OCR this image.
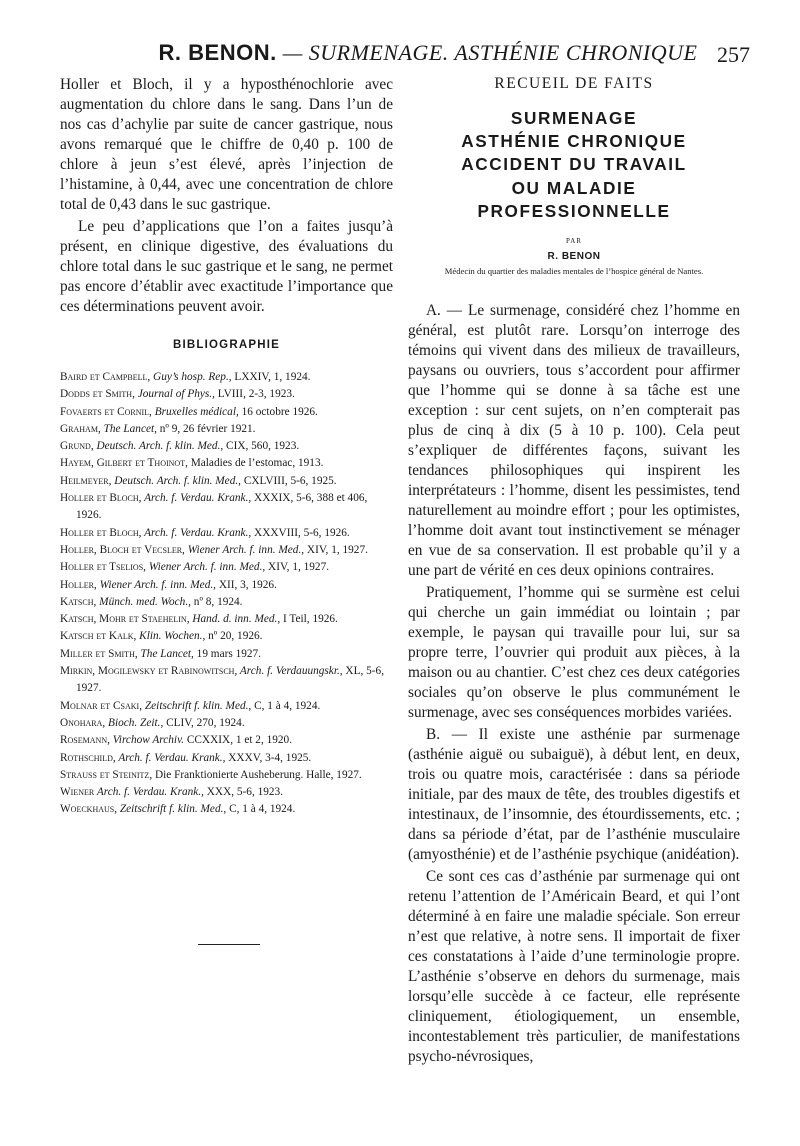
R. BENON. — SURMENAGE. ASTHÉNIE CHRONIQUE 257

Holler et Bloch, il y a hyposthénochlorie avec augmentation du chlore dans le sang. Dans l’un de nos cas d’achylie par suite de cancer gastrique, nous avons remarqué que le chiffre de 0,40 p. 100 de chlore à jeun s’est élevé, après l’injection de l’histamine, à 0,44, avec une concentration de chlore total de 0,43 dans le suc gastrique.

Le peu d’applications que l’on a faites jusqu’à présent, en clinique digestive, des évaluations du chlore total dans le suc gastrique et le sang, ne permet pas encore d’établir avec exactitude l’importance que ces déterminations peuvent avoir.

BIBLIOGRAPHIE
Baird et Campbell, Guy’s hosp. Rep., LXXIV, 1, 1924.
Dodds et Smith, Journal of Phys., LVIII, 2-3, 1923.
Fovaerts et Cornil, Bruxelles médical, 16 octobre 1926.
Graham, The Lancet, nº 9, 26 février 1921.
Grund, Deutsch. Arch. f. klin. Med., CIX, 560, 1923.
Hayem, Gilbert et Thoinot, Maladies de l’estomac, 1913.
Heilmeyer, Deutsch. Arch. f. klin. Med., CXLVIII, 5-6, 1925.
Holler et Bloch, Arch. f. Verdau. Krank., XXXIX, 5-6, 388 et 406, 1926.
Holler et Bloch, Arch. f. Verdau. Krank., XXXVIII, 5-6, 1926.
Holler, Bloch et Vecsler, Wiener Arch. f. inn. Med., XIV, 1, 1927.
Holler et Tselios, Wiener Arch. f. inn. Med., XIV, 1, 1927.
Holler, Wiener Arch. f. inn. Med., XII, 3, 1926.
Katsch, Münch. med. Woch., nº 8, 1924.
Katsch, Mohr et Staehelin, Hand. d. inn. Med., I Teil, 1926.
Katsch et Kalk, Klin. Wochen., nº 20, 1926.
Miller et Smith, The Lancet, 19 mars 1927.
Mirkin, Mogilewsky et Rabinowitsch, Arch. f. Verdauungskr., XL, 5-6, 1927.
Molnar et Csaki, Zeitschrift f. klin. Med., C, 1 à 4, 1924.
Onohara, Bioch. Zeit., CLIV, 270, 1924.
Rosemann, Virchow Archiv. CCXXIX, 1 et 2, 1920.
Rothschild, Arch. f. Verdau. Krank., XXXV, 3-4, 1925.
Strauss et Steinitz, Die Franktionierte Ausheberung. Halle, 1927.
Wiener Arch. f. Verdau. Krank., XXX, 5-6, 1923.
Woeckhaus, Zeitschrift f. klin. Med., C, 1 à 4, 1924.
RECUEIL DE FAITS
SURMENAGE
ASTHÉNIE CHRONIQUE
ACCIDENT DU TRAVAIL
OU MALADIE
PROFESSIONNELLE
PAR
R. BENON
Médecin du quartier des maladies mentales de l’hospice général de Nantes.

A. — Le surmenage, considéré chez l’homme en général, est plutôt rare. Lorsqu’on interroge des témoins qui vivent dans des milieux de travailleurs, paysans ou ouvriers, tous s’accordent pour affirmer que l’homme qui se donne à sa tâche est une exception : sur cent sujets, on n’en compterait pas plus de cinq à dix (5 à 10 p. 100). Cela peut s’expliquer de différentes façons, suivant les tendances philosophiques qui inspirent les interprétateurs : l’homme, disent les pessimistes, tend naturellement au moindre effort ; pour les optimistes, l’homme doit avant tout instinctivement se ménager en vue de sa conservation. Il est probable qu’il y a une part de vérité en ces deux opinions contraires.

Pratiquement, l’homme qui se surmène est celui qui cherche un gain immédiat ou lointain ; par exemple, le paysan qui travaille pour lui, sur sa propre terre, l’ouvrier qui produit aux pièces, à la maison ou au chantier. C’est chez ces deux catégories sociales qu’on observe le plus communément le surmenage, avec ses conséquences morbides variées.

B. — Il existe une asthénie par surmenage (asthénie aiguë ou subaiguë), à début lent, en deux, trois ou quatre mois, caractérisée : dans sa période initiale, par des maux de tête, des troubles digestifs et intestinaux, de l’insomnie, des étourdissements, etc. ; dans sa période d’état, par de l’asthénie musculaire (amyosthénie) et de l’asthénie psychique (anidéation).

Ce sont ces cas d’asthénie par surmenage qui ont retenu l’attention de l’Américain Beard, et qui l’ont déterminé à en faire une maladie spéciale. Son erreur n’est que relative, à notre sens. Il importait de fixer ces constatations à l’aide d’une terminologie propre. L’asthénie s’observe en dehors du surmenage, mais lorsqu’elle succède à ce facteur, elle représente cliniquement, étiologiquement, un ensemble, incontestablement très particulier, de manifestations psycho-névrosiques,
